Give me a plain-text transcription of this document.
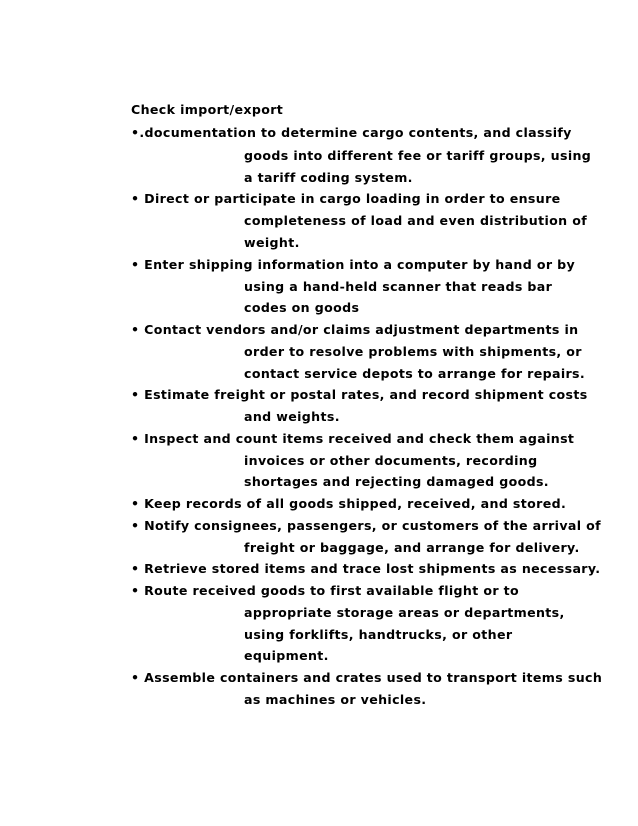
Check import/export
•.documentation to determine cargo contents, and classify
goods into different fee or tariff groups, using
a tariff coding system.
• Direct or participate in cargo loading in order to ensure
completeness of load and even distribution of
weight.
• Enter shipping information into a computer by hand or by
using a hand-held scanner that reads bar
codes on goods
• Contact vendors and/or claims adjustment departments in
order to resolve problems with shipments, or
contact service depots to arrange for repairs.
• Estimate freight or postal rates, and record shipment costs
and weights.
• Inspect and count items received and check them against
invoices or other documents, recording
shortages and rejecting damaged goods.
• Keep records of all goods shipped, received, and stored.
• Notify consignees, passengers, or customers of the arrival of
freight or baggage, and arrange for delivery.
• Retrieve stored items and trace lost shipments as necessary.
• Route received goods to first available flight or to
appropriate storage areas or departments,
using forklifts, handtrucks, or other
equipment.
• Assemble containers and crates used to transport items such
as machines or vehicles.
